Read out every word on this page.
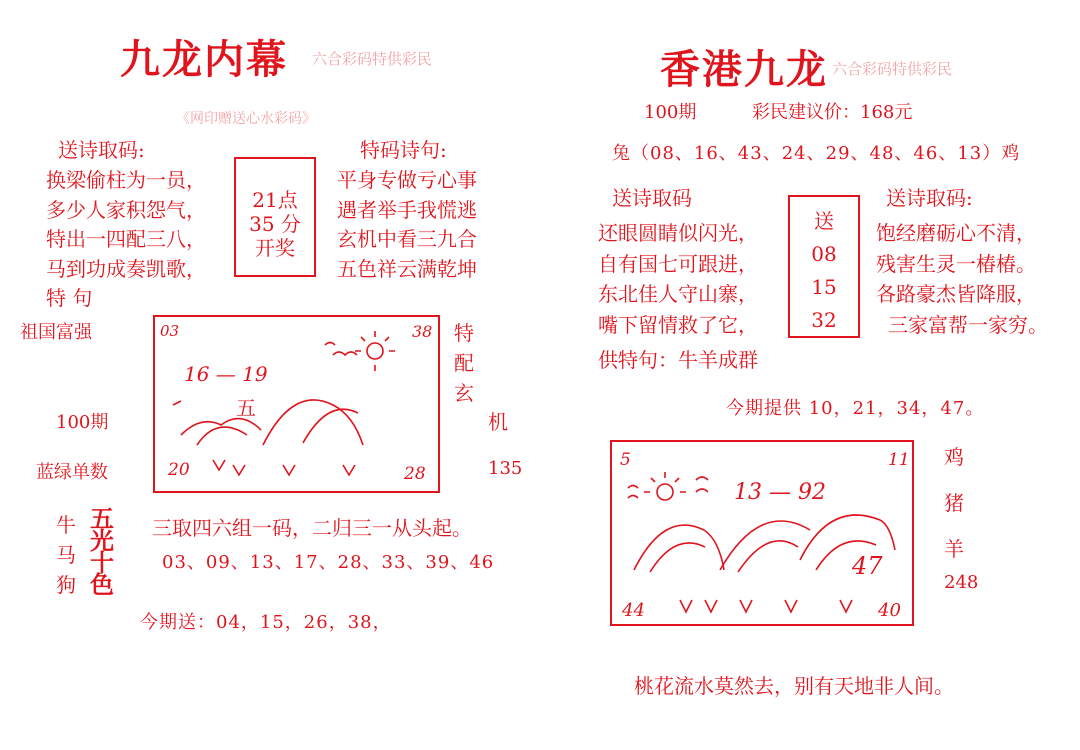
九龙内幕 六合彩码特供彩民
《网印赠送心水彩码》
送诗取码:
换梁偷柱为一员，
多少人家积怨气，
特出一四配三八，
马到功成奏凯歌，
21点
35 分
开奖
特码诗句:
平身专做亏心事
遇者举手我慌逃
玄机中看三九合
五色祥云满乾坤
特 句
祖国富强
100期
蓝绿单数
03	38
16 — 19
五
20	28
特
配
玄
机
135
牛
马
狗
五
光
十
色
三取四六组一码，二归三一从头起。
03、09、13、17、28、33、39、46
今期送：04，15，26，38，
香港九龙 六合彩码特供彩民
100期	彩民建议价：168元
兔（08、16、43、24、29、48、46、13）鸡
送诗取码
还眼圆睛似闪光，
自有国七可跟进，
东北佳人守山寨，
嘴下留情救了它，
送
08
15
32
送诗取码:
饱经磨砺心不清，
残害生灵一椿椿。
各路豪杰皆降服，
三家富帮一家穷。
供特句：牛羊成群
今期提供 10，21，34，47。
5	11
13 — 92
47
44	40
鸡
猪
羊
248
桃花流水莫然去，别有天地非人间。
